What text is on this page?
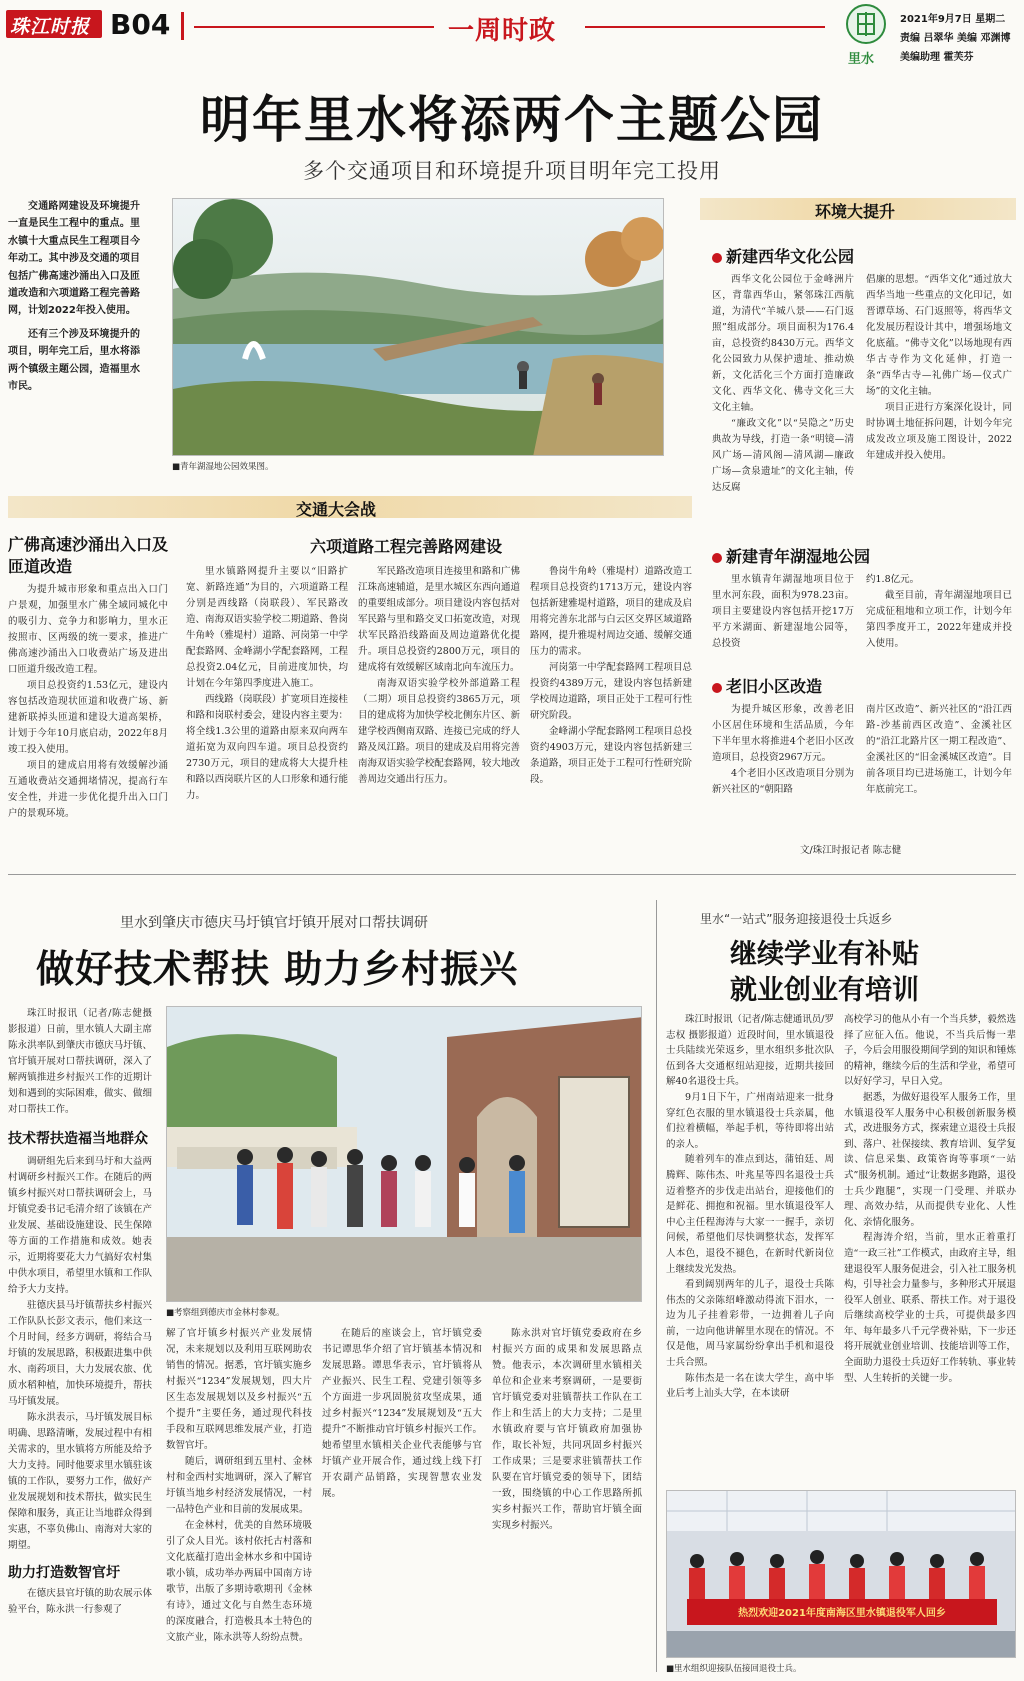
珠江时报 B04	一周时政
里水
2021年9月7日 星期二
责编 吕翠华 美编 邓渊博
美编助理 霍芙芬
明年里水将添两个主题公园
多个交通项目和环境提升项目明年完工投用

交通路网建设及环境提升一直是民生工程中的重点。里水镇十大重点民生工程项目今年动工。其中涉及交通的项目包括广佛高速沙涌出入口及匝道改造和六项道路工程完善路网，计划2022年投入使用。

还有三个涉及环境提升的项目，明年完工后，里水将添两个镇级主题公园，造福里水市民。

■青年湖湿地公园效果图。
环境大提升
新建西华文化公园

西华文化公园位于金峰洲片区，背靠西华山，紧邻珠江西航道，为清代“羊城八景——石门返照”组成部分。项目面积为176.4亩，总投资约8430万元。西华文化公园致力从保护遗址、推动焕新，文化活化三个方面打造廉政文化、西华文化、佛寺文化三大文化主轴。

“廉政文化”以“吴隐之”历史典故为导线，打造一条“明镜—清风广场—清风阁—清风湖—廉政广场—贪泉遗址”的文化主轴，传达反腐

倡廉的思想。“西华文化”通过放大西华当地一些重点的文化印记，如晋谭草场、石门返照等，将西华文化发展历程设计其中，增强场地文化底蕴。“佛寺文化”以场地现有西华古寺作为文化延伸，打造一条“西华古寺—礼佛广场—仪式广场”的文化主轴。

项目正进行方案深化设计，同时协调土地征拆问题，计划今年完成发改立项及施工图设计，2022年建成并投入使用。

新建青年湖湿地公园

里水镇青年湖湿地项目位于里水河东段，面积为978.23亩。项目主要建设内容包括开挖17万平方米湖面、新建湿地公园等，总投资

约1.8亿元。

截至目前，青年湖湿地项目已完成征租地和立项工作，计划今年第四季度开工，2022年建成并投入使用。

老旧小区改造

为提升城区形象，改善老旧小区居住环境和生活品质，今年下半年里水将推进4个老旧小区改造项目，总投资2967万元。

4个老旧小区改造项目分别为新兴社区的“朝阳路

南片区改造”、新兴社区的“沿江西路-沙基前西区改造”、金溪社区的“沿江北路片区一期工程改造”、金溪社区的“旧金溪城区改造”。目前各项目均已进场施工，计划今年年底前完工。

文/珠江时报记者 陈志健
交通大会战
广佛高速沙涌出入口及匝道改造

为提升城市形象和重点出入口门户景观，加强里水广佛全域同城化中的吸引力、竞争力和影响力，里水正按照市、区两级的统一要求，推进广佛高速沙涌出入口收费站广场及进出口匝道升级改造工程。

项目总投资约1.53亿元，建设内容包括改造现状匝道和收费广场、新建新联掉头匝道和建设大道高架桥，计划于今年10月底启动，2022年8月竣工投入使用。

项目的建成启用将有效缓解沙涌互通收费站交通拥堵情况，提高行车安全性，并进一步优化提升出入口门户的景观环境。

六项道路工程完善路网建设

里水镇路网提升主要以“旧路扩宽、新路连通”为目的，六项道路工程分别是西线路（岗联段）、军民路改造、南海双语实验学校二期道路、鲁岗牛角岭（雅堤村）道路、河岗第一中学配套路网、金峰湖小学配套路网，工程总投资2.04亿元，目前进度加快，均计划在今年第四季度进入施工。

西线路（岗联段）扩宽项目连接桂和路和岗联村委会，建设内容主要为：将全线1.3公里的道路由原来双向两车道拓宽为双向四车道。项目总投资约2730万元，项目的建成将大大提升桂和路以西岗联片区的人口形象和通行能力。

军民路改造项目连接里和路和广佛江珠高速辅道，是里水城区东西向通道的重要组成部分。项目建设内容包括对军民路与里和路交叉口拓宽改造，对现状军民路沿线路面及周边道路优化提升。项目总投资约2800万元，项目的建成将有效缓解区域南北向车流压力。

南海双语实验学校外部道路工程（二期）项目总投资约3865万元，项目的建成将为加快学校北侧东片区、新建学校西侧南双路、连接已完成的纾人路及凤江路。项目的建成及启用将完善南海双语实验学校配套路网，较大地改善周边交通出行压力。

鲁岗牛角岭（雅堤村）道路改造工程项目总投资约1713万元，建设内容包括新建雅堤村道路，项目的建成及启用将完善东北部与白云区交界区域道路路网，提升雅堤村周边交通、缓解交通压力的需求。

河岗第一中学配套路网工程项目总投资约4389万元，建设内容包括新建学校周边道路，项目正处于工程可行性研究阶段。

金峰湖小学配套路网工程项目总投资约4903万元，建设内容包括新建三条道路，项目正处于工程可行性研究阶段。

里水到肇庆市德庆马圩镇官圩镇开展对口帮扶调研
做好技术帮扶 助力乡村振兴

珠江时报讯（记者/陈志健摄影报道）日前，里水镇人大副主席陈永洪率队到肇庆市德庆马圩镇、官圩镇开展对口帮扶调研，深入了解两镇推进乡村振兴工作的近期计划和遇到的实际困难，做实、做细对口帮扶工作。

技术帮扶造福当地群众

调研组先后来到马圩和大益两村调研乡村振兴工作。在随后的两镇乡村振兴对口帮扶调研会上，马圩镇党委书记毛清介绍了该镇在产业发展、基础设施建设、民生保障等方面的工作措施和成效。她表示，近期将要花大力气搞好农村集中供水项目，希望里水镇和工作队给予大力支持。

驻德庆县马圩镇帮扶乡村振兴工作队队长彭文表示，他们来这一个月时间，经多方调研，将结合马圩镇的发展思路，积极跟进集中供水、南药项目，大力发展农旅、优质水稻种植，加快环境提升，帮扶马圩镇发展。

陈永洪表示，马圩镇发展目标明确、思路清晰，发展过程中有相关需求的，里水镇将方所能及给予大力支持。同时他要求里水镇驻该镇的工作队，要努力工作，做好产业发展规划和技术帮扶，做实民生保障和服务，真正让当地群众得到实惠，不辜负佛山、南海对大家的期望。

助力打造数智官圩

在德庆县官圩镇的助农展示体验平台，陈永洪一行参观了

■考察组到德庆市金林村参观。

解了官圩镇乡村振兴产业发展情况，未来规划以及利用互联网助农销售的情况。据悉，官圩镇实施乡村振兴“1234”发展规划，四大片区生态发展规划以及乡村振兴“五个提升”主要任务，通过现代科技手段和互联网思维发展产业，打造数智官圩。

随后，调研组到五里村、金林村和金西村实地调研，深入了解官圩镇当地乡村经济发展情况，一村一品特色产业和目前的发展成果。

在金林村，优美的自然环境吸引了众人目光。该村依托古村落和文化底蕴打造出金林水乡和中国诗歌小镇，成功举办两届中国南方诗歌节，出版了多期诗歌期刊《金林有诗》，通过文化与自然生态环境的深度融合，打造极具本土特色的文旅产业，陈永洪等人纷纷点赞。

在随后的座谈会上，官圩镇党委书记谭思华介绍了官圩镇基本情况和发展思路。谭思华表示，官圩镇将从产业振兴、民生工程、党建引领等多个方面进一步巩固脱贫攻坚成果，通过乡村振兴“1234”发展规划及“五大提升”不断推动官圩镇乡村振兴工作。她希望里水镇相关企业代表能够与官圩镇产业开展合作，通过线上线下打开农副产品销路，实现智慧农业发展。

陈永洪对官圩镇党委政府在乡村振兴方面的成果和发展思路点赞。他表示，本次调研里水镇相关单位和企业来考察调研，一是要街官圩镇党委对驻镇帮扶工作队在工作上和生活上的大力支持；二是里水镇政府要与官圩镇政府加强协作，取长补短，共同巩固乡村振兴工作成果；三是要求驻镇帮扶工作队要在官圩镇党委的领导下，团结一致，围绕镇的中心工作思路所抓实乡村振兴工作，帮助官圩镇全面实现乡村振兴。

里水“一站式”服务迎接退役士兵返乡
继续学业有补贴
就业创业有培训

珠江时报讯（记者/陈志健通讯员/罗志权 摄影报道）近段时间，里水镇退役士兵陆续光荣返乡，里水组织多批次队伍到各大交通枢纽站迎接，近期共接回解40名退役士兵。

9月1日下午，广州南站迎来一批身穿红色衣服的里水镇退役士兵亲属，他们拉着横幅，举起手机，等待即将出站的亲人。

随着列车的准点到达，蒲铂廷、周腾辉、陈伟杰、叶兆星等四名退役士兵迈着整齐的步伐走出站台，迎接他们的是鲜花、拥抱和祝福。里水镇退役军人中心主任程海涛与大家一一握手，亲切问候，希望他们尽快调整状态，发挥军人本色，退役不褪色，在新时代新岗位上继续发光发热。

看到阔别两年的儿子，退役士兵陈伟杰的父亲陈绍峰激动得流下泪水，一边为儿子挂着彩带，一边拥着儿子向前，一边向他讲解里水现在的情况。不仅是他，周马家属纷纷拿出手机和退役士兵合照。

陈伟杰是一名在读大学生，高中毕业后考上汕头大学，在本读研

高校学习的他从小有一个当兵梦，毅然选择了应征入伍。他说，不当兵后悔一辈子，今后会用服役期间学到的知识和锤炼的精神，继续今后的生活和学业，希望可以好好学习，早日入党。

据悉，为做好退役军人服务工作，里水镇退役军人服务中心积极创新服务模式，改进服务方式，探索建立退役士兵报到、落户、社保接续、教育培训、复学复读、信息采集、政策咨询等事项“一站式”服务机制。通过“让数据多跑路，退役士兵少跑腿”，实现一门受理、并联办理、高效办结，从而提供专业化、人性化、亲情化服务。

程海涛介绍，当前，里水正着重打造“一政三社”工作模式，由政府主导，组建退役军人服务促进会，引入社工服务机构，引导社会力量参与，多种形式开展退役军人创业、联系、帮扶工作。对于退役后继续高校学业的士兵，可提供最多四年、每年最多八千元学费补贴，下一步还将开展就业创业培训、技能培训等工作，全面助力退役士兵迈好工作转轨、事业转型、人生转折的关键一步。

热烈欢迎2021年度南海区里水镇退役军人回乡
■里水组织迎接队伍接回退役士兵。
